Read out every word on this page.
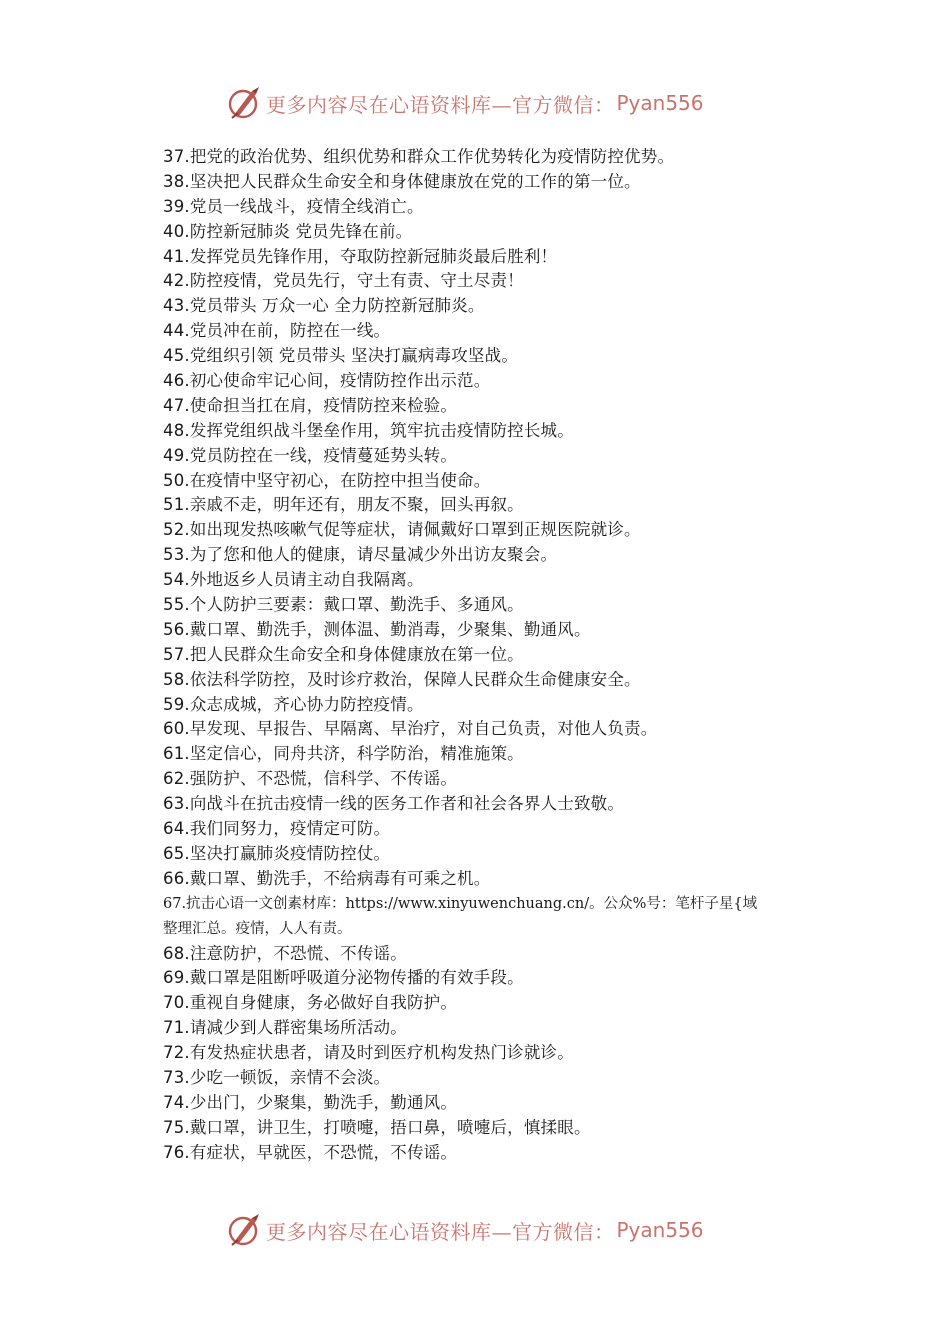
更多内容尽在心语资料库—官方微信： Pyan556
37.把党的政治优势、组织优势和群众工作优势转化为疫情防控优势。
38.坚决把人民群众生命安全和身体健康放在党的工作的第一位。
39.党员一线战斗，疫情全线消亡。
40.防控新冠肺炎 党员先锋在前。
41.发挥党员先锋作用，夺取防控新冠肺炎最后胜利！
42.防控疫情，党员先行，守土有责、守土尽责！
43.党员带头 万众一心 全力防控新冠肺炎。
44.党员冲在前，防控在一线。
45.党组织引领 党员带头 坚决打赢病毒攻坚战。
46.初心使命牢记心间，疫情防控作出示范。
47.使命担当扛在肩，疫情防控来检验。
48.发挥党组织战斗堡垒作用，筑牢抗击疫情防控长城。
49.党员防控在一线，疫情蔓延势头转。
50.在疫情中坚守初心，在防控中担当使命。
51.亲戚不走，明年还有，朋友不聚，回头再叙。
52.如出现发热咳嗽气促等症状，请佩戴好口罩到正规医院就诊。
53.为了您和他人的健康，请尽量减少外出访友聚会。
54.外地返乡人员请主动自我隔离。
55.个人防护三要素：戴口罩、勤洗手、多通风。
56.戴口罩、勤洗手，测体温、勤消毒，少聚集、勤通风。
57.把人民群众生命安全和身体健康放在第一位。
58.依法科学防控，及时诊疗救治，保障人民群众生命健康安全。
59.众志成城，齐心协力防控疫情。
60.早发现、早报告、早隔离、早治疗，对自己负责，对他人负责。
61.坚定信心，同舟共济，科学防治，精准施策。
62.强防护、不恐慌，信科学、不传谣。
63.向战斗在抗击疫情一线的医务工作者和社会各界人士致敬。
64.我们同努力，疫情定可防。
65.坚决打赢肺炎疫情防控仗。
66.戴口罩、勤洗手，不给病毒有可乘之机。
67.抗击心语一文创素材库：https://www.xinyuwenchuang.cn/。公众%号：笔杆子星{域
整理汇总。疫情，人人有责。
68.注意防护，不恐慌、不传谣。
69.戴口罩是阻断呼吸道分泌物传播的有效手段。
70.重视自身健康，务必做好自我防护。
71.请减少到人群密集场所活动。
72.有发热症状患者，请及时到医疗机构发热门诊就诊。
73.少吃一顿饭，亲情不会淡。
74.少出门，少聚集，勤洗手，勤通风。
75.戴口罩，讲卫生，打喷嚏，捂口鼻，喷嚏后，慎揉眼。
76.有症状，早就医，不恐慌，不传谣。
更多内容尽在心语资料库—官方微信： Pyan556
